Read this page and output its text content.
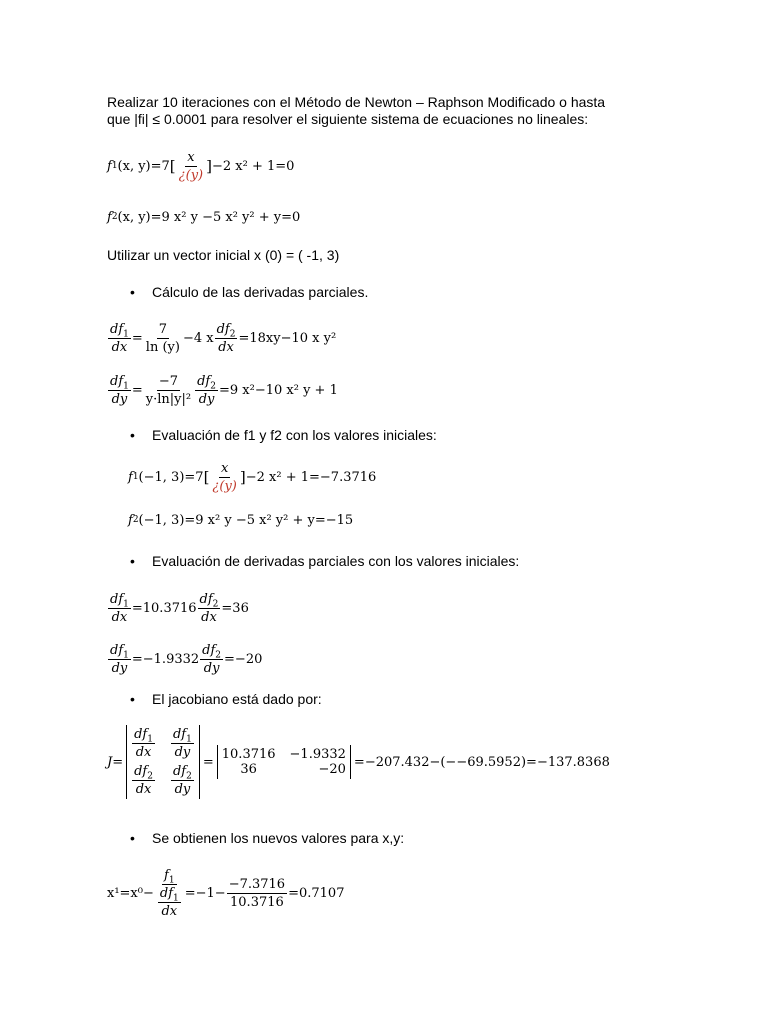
Realizar 10 iteraciones con el Método de Newton – Raphson Modificado o hasta
que |fi| ≤ 0.0001 para resolver el siguiente sistema de ecuaciones no lineales:
f 1 (x, y)=7 [ x
¿(y) ] −2 x² + 1=0
f 2 (x, y)=9 x² y −5 x² y² + y=0
Utilizar un vector inicial x (0) = ( -1, 3)
• Cálculo de las derivadas parciales.
$df_1$
dx
=
7
ln (y)
−4 x $\frac{df_2}{dx} =18xy-10$ x y²
$df_1$
dy
=
−7
$y\cdot\ln|y|^2 \frac{df_2}{dy} =9$ x²−10 x² y + 1
• Evaluación de f1 y f2 con los valores iniciales:
f 1 (−1, 3)=7 [ x
¿(y) ] −2 x² + 1=−7.3716
f 2 (−1, 3)=9 x² y −5 x² y² + y=−15
• Evaluación de derivadas parciales con los valores iniciales:
$\frac{df_1}{dx} =10.3716 \frac{df_2}{dx} =36$
$\frac{df_1}{dy} =-1.9332 \frac{df_2}{dy} =-20$
• El jacobiano está dado por:
J=
$df_1$
dx
$df_1$
dy
$df_2$
dx
$df_2$
dy
= 10.3716 −1.9332
36	−20 =−207.432−(−−69.5952)=−137.8368
• Se obtienen los nuevos valores para x,y:
$x^1=x^0- \frac{f_1}{\frac{df_1}{dx}} =-1- \frac{-7.3716}{10.3716} =0.7107$
